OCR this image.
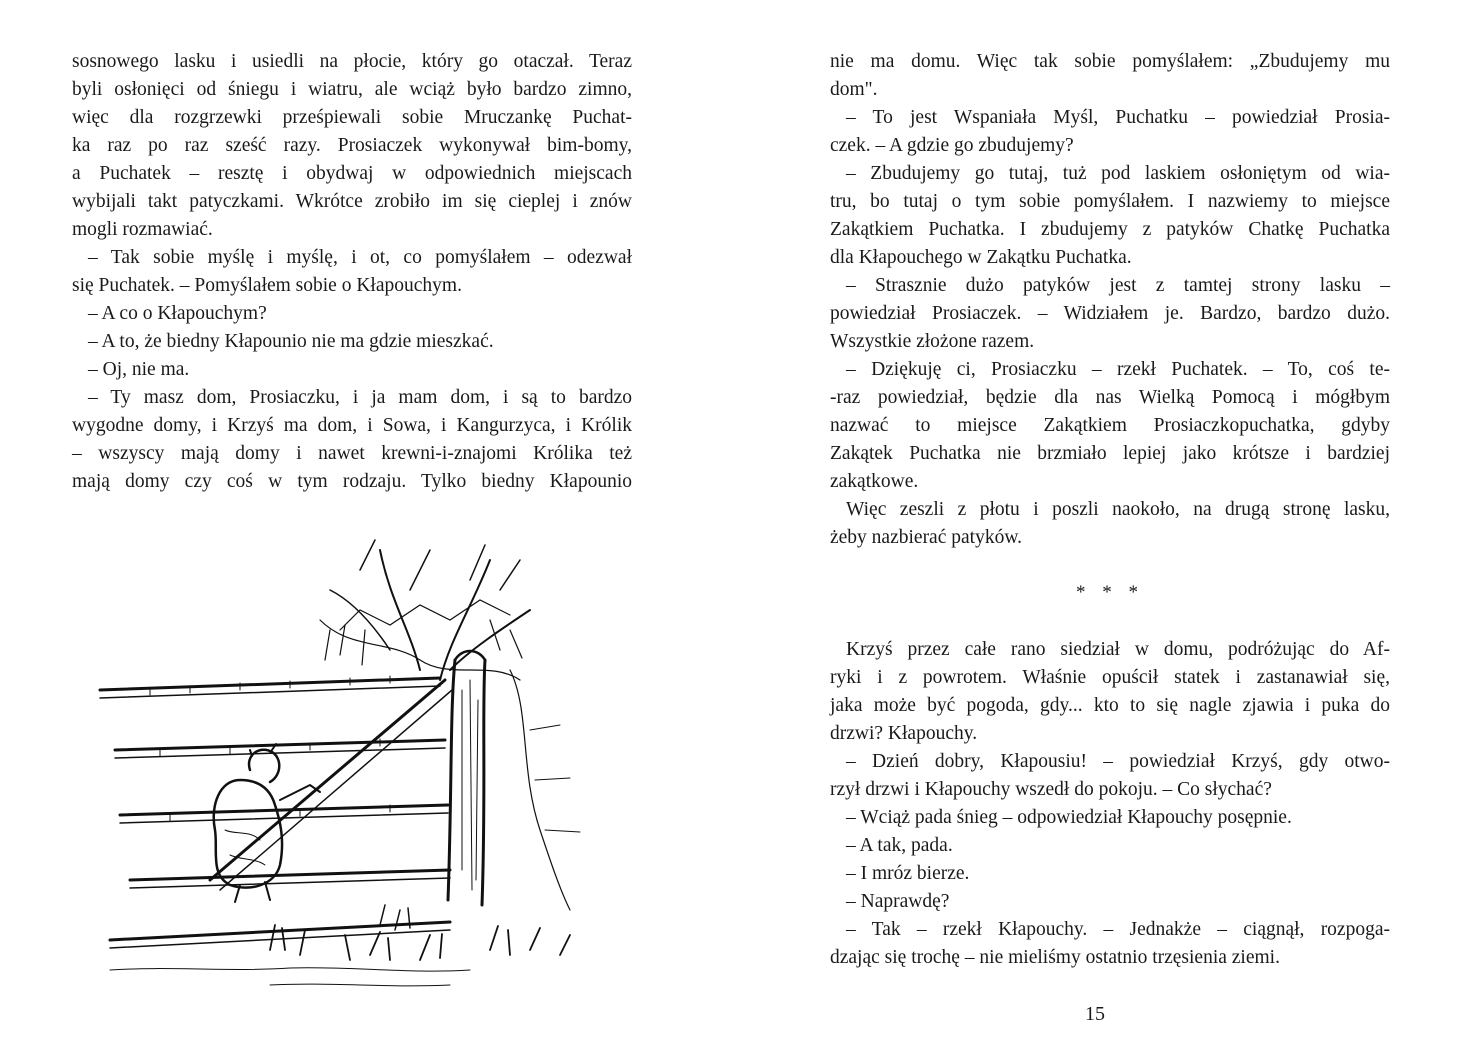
sosnowego lasku i usiedli na płocie, który go otaczał. Teraz
byli osłonięci od śniegu i wiatru, ale wciąż było bardzo zimno,
więc dla rozgrzewki prześpiewali sobie Mruczankę Puchat-
ka raz po raz sześć razy. Prosiaczek wykonywał bim-bomy,
a Puchatek – resztę i obydwaj w odpowiednich miejscach
wybijali takt patyczkami. Wkrótce zrobiło im się cieplej i znów
mogli rozmawiać.
– Tak sobie myślę i myślę, i ot, co pomyślałem – odezwał
się Puchatek. – Pomyślałem sobie o Kłapouchym.
– A co o Kłapouchym?
– A to, że biedny Kłapounio nie ma gdzie mieszkać.
– Oj, nie ma.
– Ty masz dom, Prosiaczku, i ja mam dom, i są to bardzo
wygodne domy, i Krzyś ma dom, i Sowa, i Kangurzyca, i Królik
– wszyscy mają domy i nawet krewni-i-znajomi Królika też
mają domy czy coś w tym rodzaju. Tylko biedny Kłapounio
nie ma domu. Więc tak sobie pomyślałem: „Zbudujemy mu
dom".
– To jest Wspaniała Myśl, Puchatku – powiedział Prosia-
czek. – A gdzie go zbudujemy?
– Zbudujemy go tutaj, tuż pod laskiem osłoniętym od wia-
tru, bo tutaj o tym sobie pomyślałem. I nazwiemy to miejsce
Zakątkiem Puchatka. I zbudujemy z patyków Chatkę Puchatka
dla Kłapouchego w Zakątku Puchatka.
– Strasznie dużo patyków jest z tamtej strony lasku –
powiedział Prosiaczek. – Widziałem je. Bardzo, bardzo dużo.
Wszystkie złożone razem.
– Dziękuję ci, Prosiaczku – rzekł Puchatek. – To, coś te-
-raz powiedział, będzie dla nas Wielką Pomocą i mógłbym
nazwać to miejsce Zakątkiem Prosiaczkopuchatka, gdyby
Zakątek Puchatka nie brzmiało lepiej jako krótsze i bardziej
zakątkowe.
Więc zeszli z płotu i poszli naokoło, na drugą stronę lasku,
żeby nazbierać patyków.
* * *
Krzyś przez całe rano siedział w domu, podróżując do Af-
ryki i z powrotem. Właśnie opuścił statek i zastanawiał się,
jaka może być pogoda, gdy... kto to się nagle zjawia i puka do
drzwi? Kłapouchy.
– Dzień dobry, Kłapousiu! – powiedział Krzyś, gdy otwo-
rzył drzwi i Kłapouchy wszedł do pokoju. – Co słychać?
– Wciąż pada śnieg – odpowiedział Kłapouchy posępnie.
– A tak, pada.
– I mróz bierze.
– Naprawdę?
– Tak – rzekł Kłapouchy. – Jednakże – ciągnął, rozpoga-
dzając się trochę – nie mieliśmy ostatnio trzęsienia ziemi.
15
